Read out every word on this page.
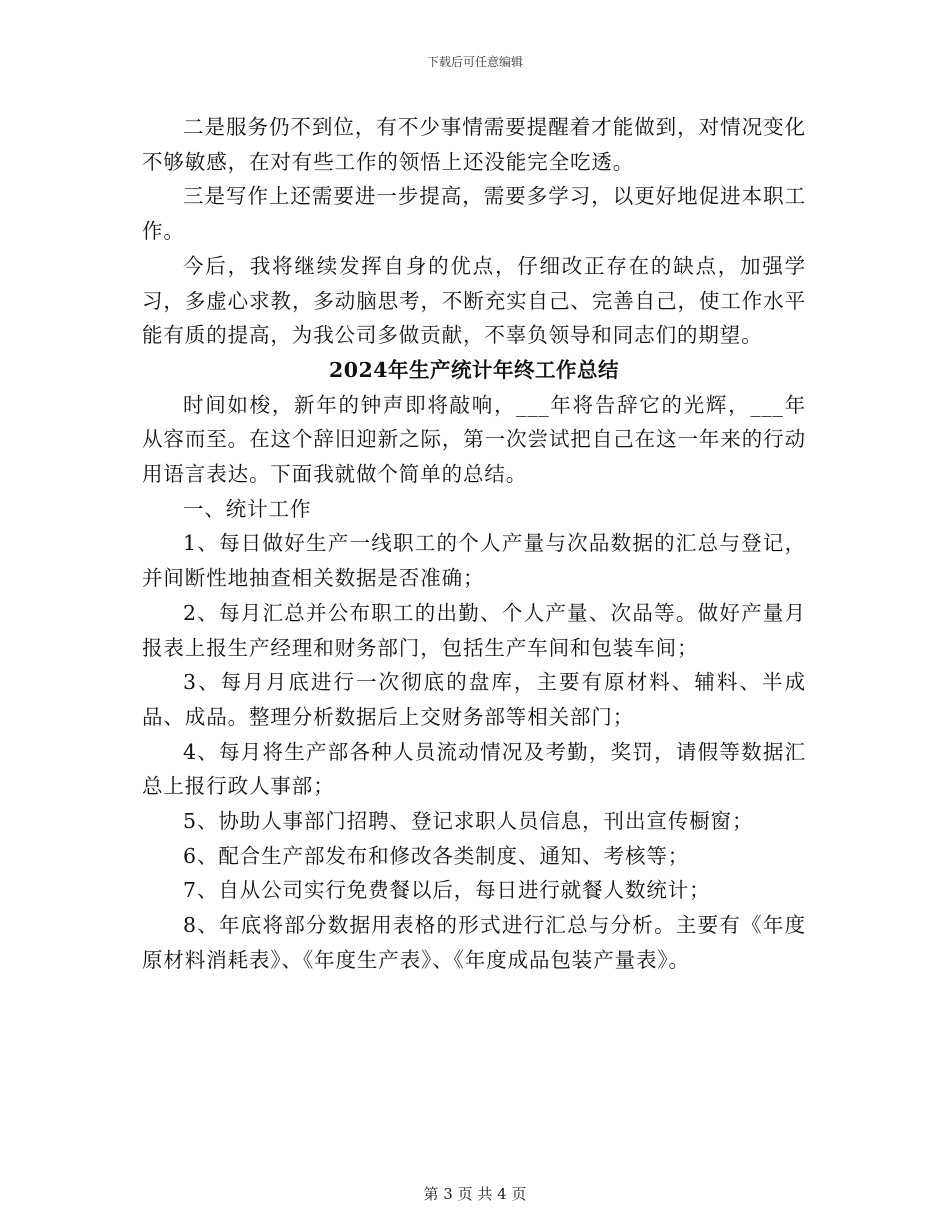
下载后可任意编辑

二是服务仍不到位，有不少事情需要提醒着才能做到，对情况变化不够敏感，在对有些工作的领悟上还没能完全吃透。

三是写作上还需要进一步提高，需要多学习，以更好地促进本职工作。

今后，我将继续发挥自身的优点，仔细改正存在的缺点，加强学习，多虚心求教，多动脑思考，不断充实自己、完善自己，使工作水平能有质的提高，为我公司多做贡献，不辜负领导和同志们的期望。

2024年生产统计年终工作总结

时间如梭，新年的钟声即将敲响，___年将告辞它的光辉，___年从容而至。在这个辞旧迎新之际，第一次尝试把自己在这一年来的行动用语言表达。下面我就做个简单的总结。

一、统计工作

1、每日做好生产一线职工的个人产量与次品数据的汇总与登记，并间断性地抽查相关数据是否准确；

2、每月汇总并公布职工的出勤、个人产量、次品等。做好产量月报表上报生产经理和财务部门，包括生产车间和包装车间；

3、每月月底进行一次彻底的盘库，主要有原材料、辅料、半成品、成品。整理分析数据后上交财务部等相关部门；

4、每月将生产部各种人员流动情况及考勤，奖罚，请假等数据汇总上报行政人事部；

5、协助人事部门招聘、登记求职人员信息，刊出宣传橱窗；

6、配合生产部发布和修改各类制度、通知、考核等；

7、自从公司实行免费餐以后，每日进行就餐人数统计；

8、年底将部分数据用表格的形式进行汇总与分析。主要有《年度原材料消耗表》、《年度生产表》、《年度成品包装产量表》。

第 3 页 共 4 页
